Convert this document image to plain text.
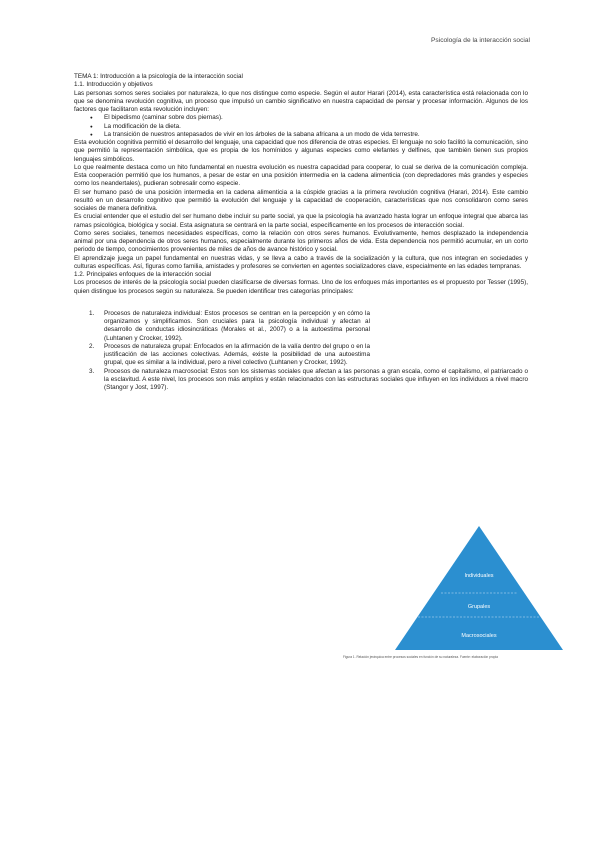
Psicología de la interacción social

TEMA 1: Introducción a la psicología de la interacción social

1.1. Introducción y objetivos

Las personas somos seres sociales por naturaleza, lo que nos distingue como especie. Según el autor Harari (2014), esta característica está relacionada con lo que se denomina revolución cognitiva, un proceso que impulsó un cambio significativo en nuestra capacidad de pensar y procesar información. Algunos de los factores que facilitaron esta revolución incluyen:

● El bipedismo (caminar sobre dos piernas).
● La modificación de la dieta.
● La transición de nuestros antepasados de vivir en los árboles de la sabana africana a un modo de vida terrestre.

Esta evolución cognitiva permitió el desarrollo del lenguaje, una capacidad que nos diferencia de otras especies. El lenguaje no solo facilitó la comunicación, sino que permitió la representación simbólica, que es propia de los homínidos y algunas especies como elefantes y delfines, que también tienen sus propios lenguajes simbólicos.

Lo que realmente destaca como un hito fundamental en nuestra evolución es nuestra capacidad para cooperar, lo cual se deriva de la comunicación compleja. Esta cooperación permitió que los humanos, a pesar de estar en una posición intermedia en la cadena alimenticia (con depredadores más grandes y especies como los neandertales), pudieran sobresalir como especie.

El ser humano pasó de una posición intermedia en la cadena alimenticia a la cúspide gracias a la primera revolución cognitiva (Harari, 2014). Este cambio resultó en un desarrollo cognitivo que permitió la evolución del lenguaje y la capacidad de cooperación, características que nos consolidaron como seres sociales de manera definitiva.

Es crucial entender que el estudio del ser humano debe incluir su parte social, ya que la psicología ha avanzado hasta lograr un enfoque integral que abarca las ramas psicológica, biológica y social. Esta asignatura se centrará en la parte social, específicamente en los procesos de interacción social.

Como seres sociales, tenemos necesidades específicas, como la relación con otros seres humanos. Evolutivamente, hemos desplazado la independencia animal por una dependencia de otros seres humanos, especialmente durante los primeros años de vida. Esta dependencia nos permitió acumular, en un corto periodo de tiempo, conocimientos provenientes de miles de años de avance histórico y social.

El aprendizaje juega un papel fundamental en nuestras vidas, y se lleva a cabo a través de la socialización y la cultura, que nos integran en sociedades y culturas específicas. Así, figuras como familia, amistades y profesores se convierten en agentes socializadores clave, especialmente en las edades tempranas.

1.2. Principales enfoques de la interacción social

Los procesos de interés de la psicología social pueden clasificarse de diversas formas. Uno de los enfoques más importantes es el propuesto por Tesser (1995), quien distingue los procesos según su naturaleza. Se pueden identificar tres categorías principales:

1. Procesos de naturaleza individual: Estos procesos se centran en la percepción y en cómo la organizamos y simplificamos. Son cruciales para la psicología individual y afectan al desarrollo de conductas idiosincráticas (Morales et al., 2007) o a la autoestima personal (Luhtanen y Crocker, 1992).
2. Procesos de naturaleza grupal: Enfocados en la afirmación de la valía dentro del grupo o en la justificación de las acciones colectivas. Además, existe la posibilidad de una autoestima grupal, que es similar a la individual, pero a nivel colectivo (Luhtanen y Crocker, 1992).
3. Procesos de naturaleza macrosocial: Estos son los sistemas sociales que afectan a las personas a gran escala, como el capitalismo, el patriarcado o la esclavitud. A este nivel, los procesos son más amplios y están relacionados con las estructuras sociales que influyen en los individuos a nivel macro (Stangor y Jost, 1997).
Individuales
Grupales
Macrosociales
Figura 1. Relación jerárquica entre procesos sociales en función de su naturaleza. Fuente: elaboración propia
